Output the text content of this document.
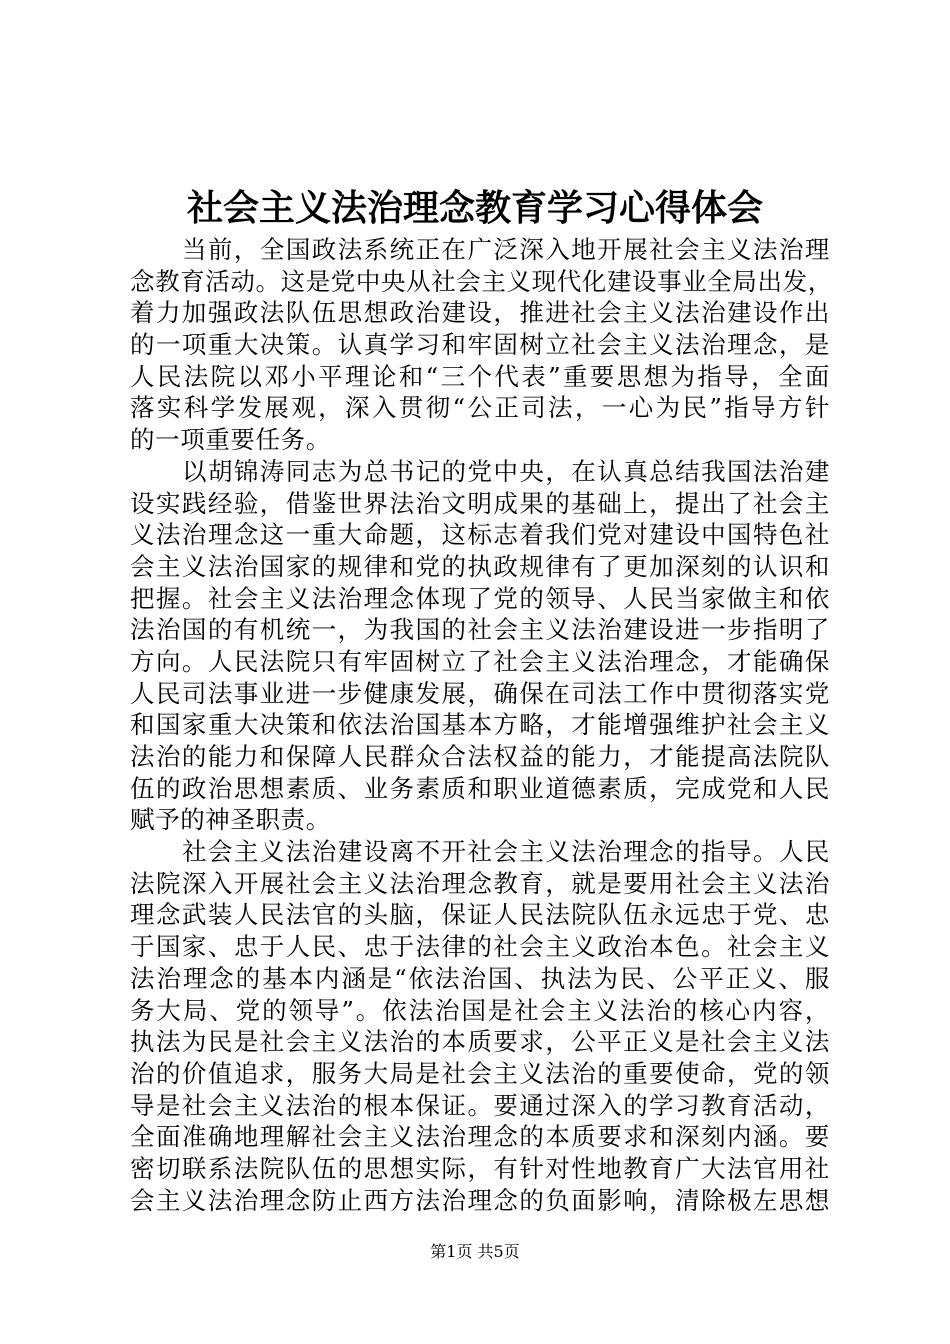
社会主义法治理念教育学习心得体会
当前，全国政法系统正在广泛深入地开展社会主义法治理
念教育活动。这是党中央从社会主义现代化建设事业全局出发，
着力加强政法队伍思想政治建设，推进社会主义法治建设作出
的一项重大决策。认真学习和牢固树立社会主义法治理念，是
人民法院以邓小平理论和“三个代表”重要思想为指导，全面
落实科学发展观，深入贯彻“公正司法，一心为民”指导方针
的一项重要任务。
以胡锦涛同志为总书记的党中央，在认真总结我国法治建
设实践经验，借鉴世界法治文明成果的基础上，提出了社会主
义法治理念这一重大命题，这标志着我们党对建设中国特色社
会主义法治国家的规律和党的执政规律有了更加深刻的认识和
把握。社会主义法治理念体现了党的领导、人民当家做主和依
法治国的有机统一，为我国的社会主义法治建设进一步指明了
方向。人民法院只有牢固树立了社会主义法治理念，才能确保
人民司法事业进一步健康发展，确保在司法工作中贯彻落实党
和国家重大决策和依法治国基本方略，才能增强维护社会主义
法治的能力和保障人民群众合法权益的能力，才能提高法院队
伍的政治思想素质、业务素质和职业道德素质，完成党和人民
赋予的神圣职责。
社会主义法治建设离不开社会主义法治理念的指导。人民
法院深入开展社会主义法治理念教育，就是要用社会主义法治
理念武装人民法官的头脑，保证人民法院队伍永远忠于党、忠
于国家、忠于人民、忠于法律的社会主义政治本色。社会主义
法治理念的基本内涵是“依法治国、执法为民、公平正义、服
务大局、党的领导”。依法治国是社会主义法治的核心内容，
执法为民是社会主义法治的本质要求，公平正义是社会主义法
治的价值追求，服务大局是社会主义法治的重要使命，党的领
导是社会主义法治的根本保证。要通过深入的学习教育活动，
全面准确地理解社会主义法治理念的本质要求和深刻内涵。要
密切联系法院队伍的思想实际，有针对性地教育广大法官用社
会主义法治理念防止西方法治理念的负面影响，清除极左思想
第1页 共5页
